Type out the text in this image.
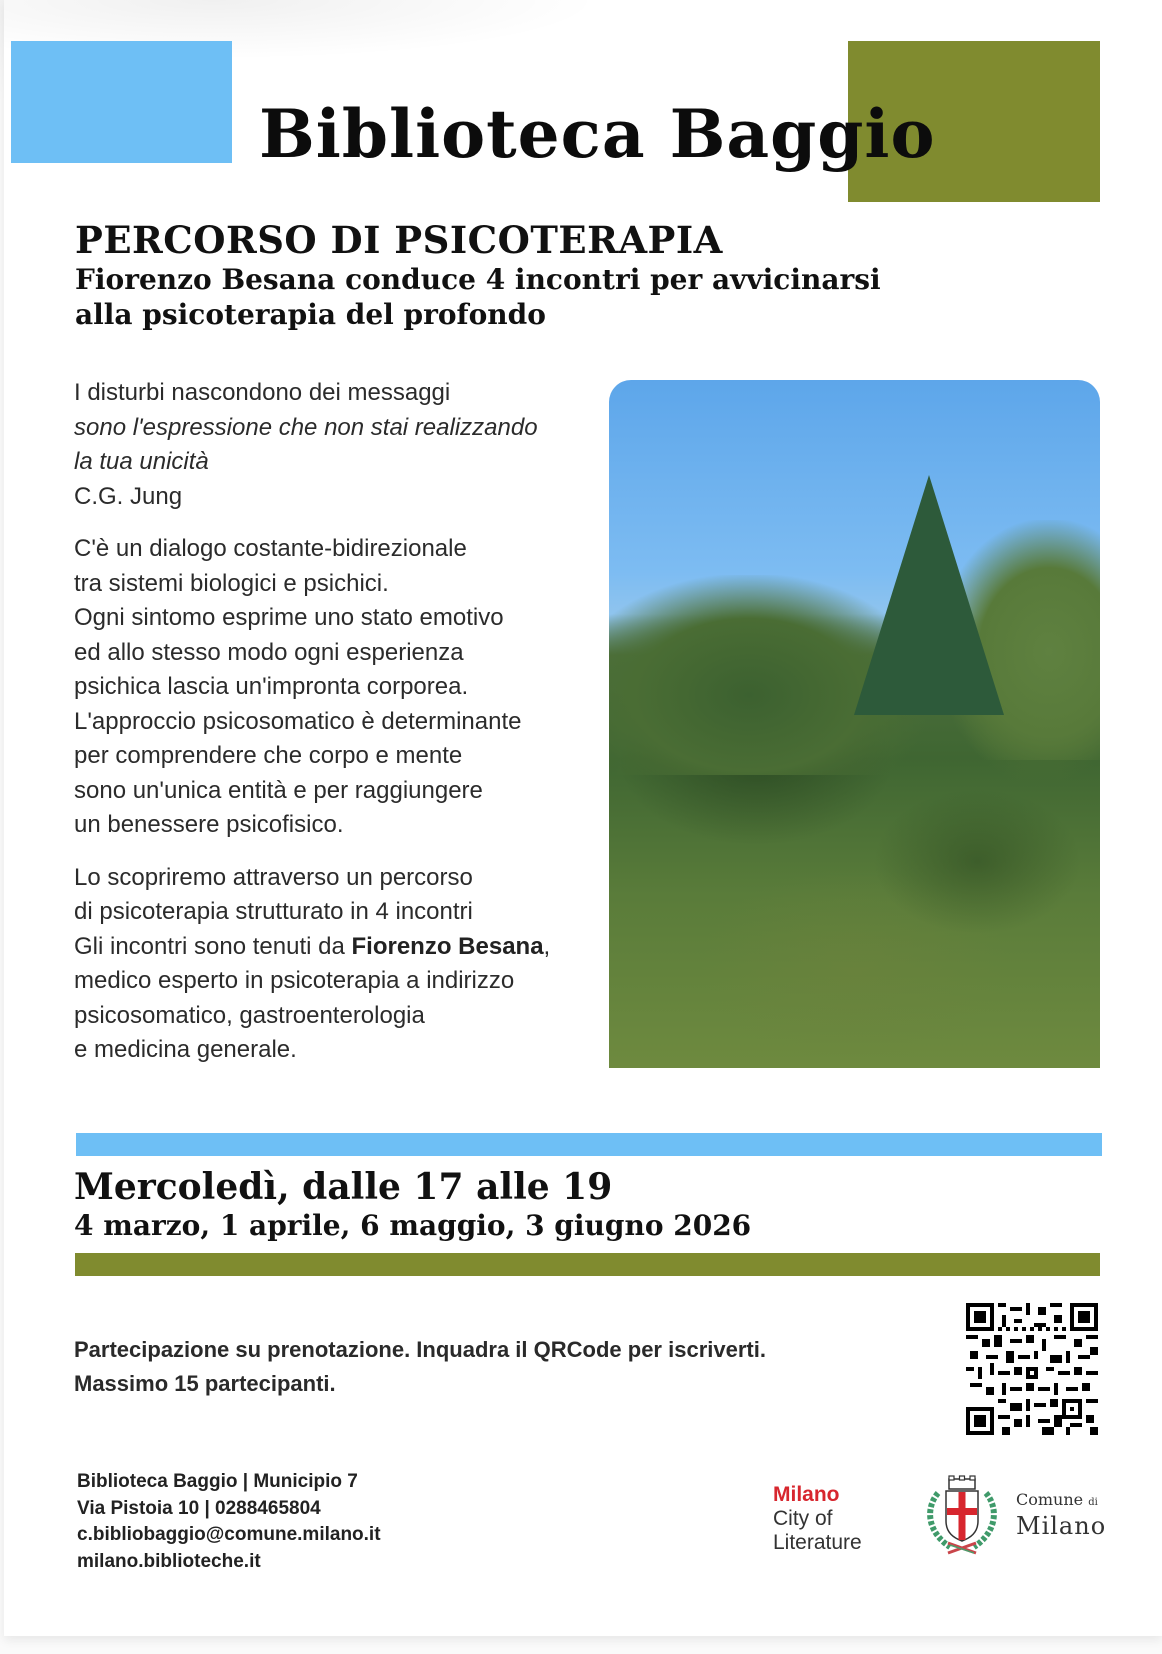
Biblioteca Baggio
PERCORSO DI PSICOTERAPIA
Fiorenzo Besana conduce 4 incontri per avvicinarsi
alla psicoterapia del profondo

I disturbi nascondono dei messaggi
sono l'espressione che non stai realizzando
la tua unicità
C.G. Jung

C'è un dialogo costante-bidirezionale
tra sistemi biologici e psichici.
Ogni sintomo esprime uno stato emotivo
ed allo stesso modo ogni esperienza
psichica lascia un'impronta corporea.
L'approccio psicosomatico è determinante
per comprendere che corpo e mente
sono un'unica entità e per raggiungere
un benessere psicofisico.

Lo scopriremo attraverso un percorso
di psicoterapia strutturato in 4 incontri
Gli incontri sono tenuti da Fiorenzo Besana,
medico esperto in psicoterapia a indirizzo
psicosomatico, gastroenterologia
e medicina generale.

Mercoledì, dalle 17 alle 19
4 marzo, 1 aprile, 6 maggio, 3 giugno 2026
Partecipazione su prenotazione. Inquadra il QRCode per iscriverti.
Massimo 15 partecipanti.
Biblioteca Baggio | Municipio 7
Via Pistoia 10 | 0288465804
c.bibliobaggio@comune.milano.it
milano.biblioteche.it
Milano
City of
Literature
Comune di
Milano
